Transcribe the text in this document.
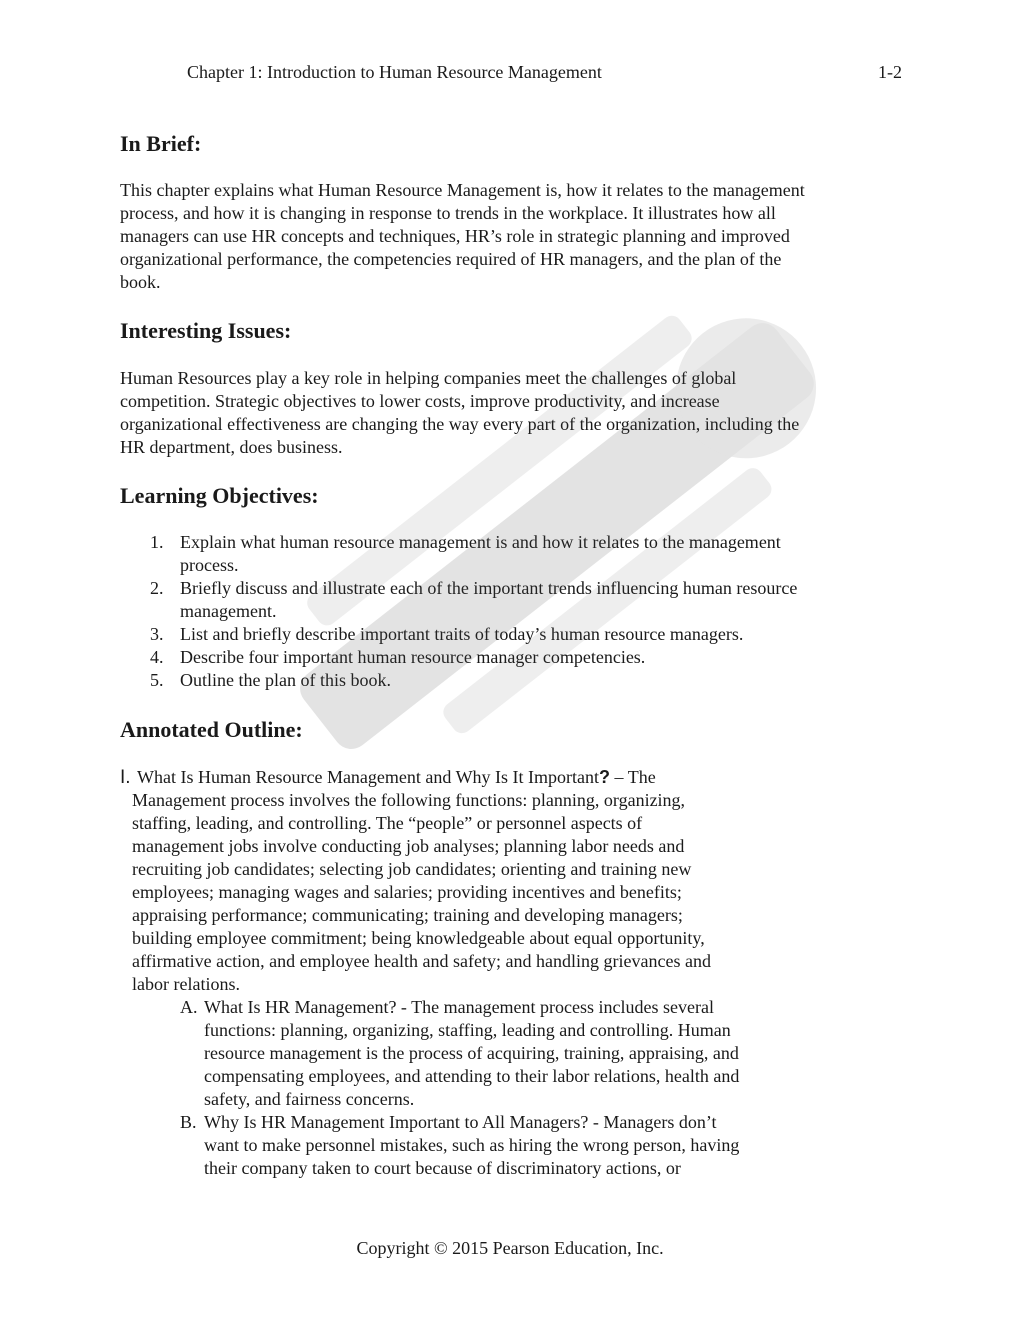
Chapter 1: Introduction to Human Resource Management	1-2
In Brief:
This chapter explains what Human Resource Management is, how it relates to the management
process, and how it is changing in response to trends in the workplace. It illustrates how all
managers can use HR concepts and techniques, HR’s role in strategic planning and improved
organizational performance, the competencies required of HR managers, and the plan of the
book.
Interesting Issues:
Human Resources play a key role in helping companies meet the challenges of global
competition. Strategic objectives to lower costs, improve productivity, and increase
organizational effectiveness are changing the way every part of the organization, including the
HR department, does business.
Learning Objectives:
1. Explain what human resource management is and how it relates to the management
process.
2. Briefly discuss and illustrate each of the important trends influencing human resource
management.
3. List and briefly describe important traits of today’s human resource managers.
4. Describe four important human resource manager competencies.
5. Outline the plan of this book.
Annotated Outline:
I. What Is Human Resource Management and Why Is It Important? – The
Management process involves the following functions: planning, organizing,
staffing, leading, and controlling. The “people” or personnel aspects of
management jobs involve conducting job analyses; planning labor needs and
recruiting job candidates; selecting job candidates; orienting and training new
employees; managing wages and salaries; providing incentives and benefits;
appraising performance; communicating; training and developing managers;
building employee commitment; being knowledgeable about equal opportunity,
affirmative action, and employee health and safety; and handling grievances and
labor relations.
A. What Is HR Management? - The management process includes several
functions: planning, organizing, staffing, leading and controlling. Human
resource management is the process of acquiring, training, appraising, and
compensating employees, and attending to their labor relations, health and
safety, and fairness concerns.
B. Why Is HR Management Important to All Managers? - Managers don’t
want to make personnel mistakes, such as hiring the wrong person, having
their company taken to court because of discriminatory actions, or
Copyright © 2015 Pearson Education, Inc.
